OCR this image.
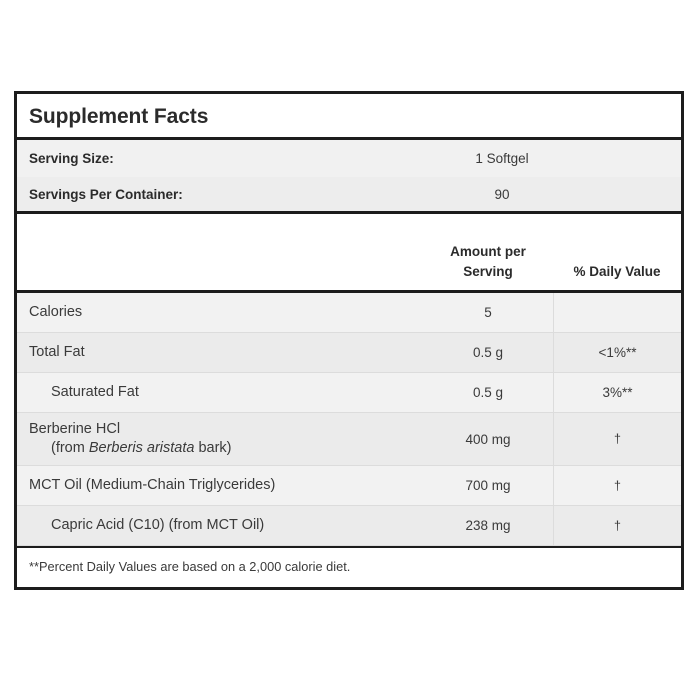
Supplement Facts
Serving Size:	1 Softgel
Servings Per Container:	90
Amount per
Serving	% Daily Value
Calories	5
Total Fat	0.5 g	<1%**
Saturated Fat	0.5 g	3%**
Berberine HCl
(from Berberis aristata bark)
400 mg	†
MCT Oil (Medium-Chain Triglycerides)	700 mg	†
Capric Acid (C10) (from MCT Oil)	238 mg	†
**Percent Daily Values are based on a 2,000 calorie diet.
